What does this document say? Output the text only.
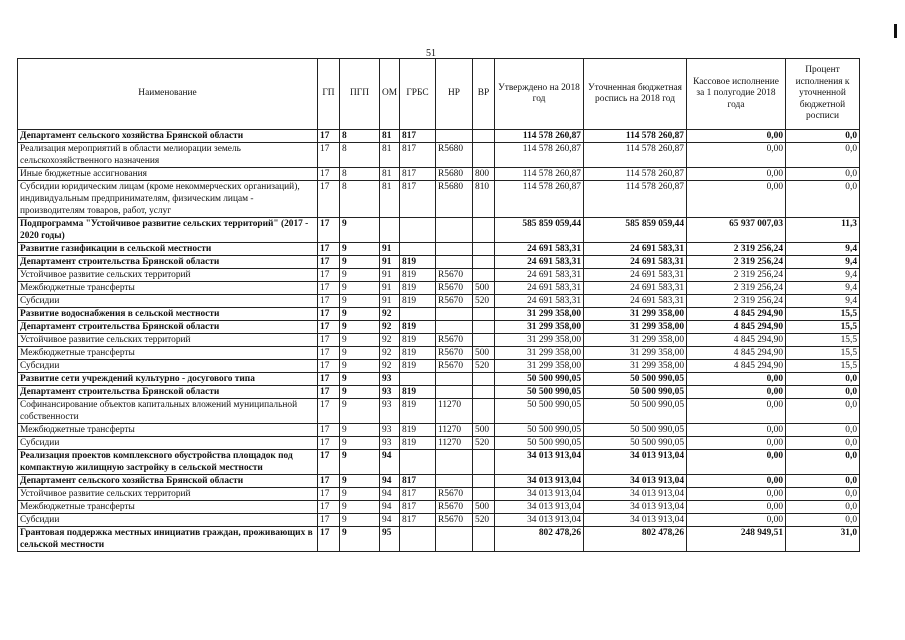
51
Наименование	ГП	ПГП	ОМ	ГРБС	НР	ВР	Утверждено на 2018 год	Уточненная бюджетная роспись на 2018 год	Кассовое исполнение за 1 полугодие 2018 года	Процент исполнения к уточненной бюджетной росписи
Департамент сельского хозяйства Брянской области	17	8	81	817			114 578 260,87	114 578 260,87	0,00	0,0
Реализация мероприятий в области мелиорации земель сельскохозяйственного назначения	17	8	81	817	R5680		114 578 260,87	114 578 260,87	0,00	0,0
Иные бюджетные ассигнования	17	8	81	817	R5680	800	114 578 260,87	114 578 260,87	0,00	0,0
Субсидии юридическим лицам (кроме некоммерческих организаций), индивидуальным предпринимателям, физическим лицам - производителям товаров, работ, услуг	17	8	81	817	R5680	810	114 578 260,87	114 578 260,87	0,00	0,0
Подпрограмма "Устойчивое развитие сельских территорий" (2017 - 2020 годы)	17	9					585 859 059,44	585 859 059,44	65 937 007,03	11,3
Развитие газификации в сельской местности	17	9	91				24 691 583,31	24 691 583,31	2 319 256,24	9,4
Департамент строительства Брянской области	17	9	91	819			24 691 583,31	24 691 583,31	2 319 256,24	9,4
Устойчивое развитие сельских территорий	17	9	91	819	R5670		24 691 583,31	24 691 583,31	2 319 256,24	9,4
Межбюджетные трансферты	17	9	91	819	R5670	500	24 691 583,31	24 691 583,31	2 319 256,24	9,4
Субсидии	17	9	91	819	R5670	520	24 691 583,31	24 691 583,31	2 319 256,24	9,4
Развитие водоснабжения в сельской местности	17	9	92				31 299 358,00	31 299 358,00	4 845 294,90	15,5
Департамент строительства Брянской области	17	9	92	819			31 299 358,00	31 299 358,00	4 845 294,90	15,5
Устойчивое развитие сельских территорий	17	9	92	819	R5670		31 299 358,00	31 299 358,00	4 845 294,90	15,5
Межбюджетные трансферты	17	9	92	819	R5670	500	31 299 358,00	31 299 358,00	4 845 294,90	15,5
Субсидии	17	9	92	819	R5670	520	31 299 358,00	31 299 358,00	4 845 294,90	15,5
Развитие сети учреждений культурно - досугового типа	17	9	93				50 500 990,05	50 500 990,05	0,00	0,0
Департамент строительства Брянской области	17	9	93	819			50 500 990,05	50 500 990,05	0,00	0,0
Софинансирование объектов капитальных вложений муниципальной собственности	17	9	93	819	11270		50 500 990,05	50 500 990,05	0,00	0,0
Межбюджетные трансферты	17	9	93	819	11270	500	50 500 990,05	50 500 990,05	0,00	0,0
Субсидии	17	9	93	819	11270	520	50 500 990,05	50 500 990,05	0,00	0,0
Реализация проектов комплексного обустройства площадок под компактную жилищную застройку в сельской местности	17	9	94				34 013 913,04	34 013 913,04	0,00	0,0
Департамент сельского хозяйства Брянской области	17	9	94	817			34 013 913,04	34 013 913,04	0,00	0,0
Устойчивое развитие сельских территорий	17	9	94	817	R5670		34 013 913,04	34 013 913,04	0,00	0,0
Межбюджетные трансферты	17	9	94	817	R5670	500	34 013 913,04	34 013 913,04	0,00	0,0
Субсидии	17	9	94	817	R5670	520	34 013 913,04	34 013 913,04	0,00	0,0
Грантовая поддержка местных инициатив граждан, проживающих в сельской местности	17	9	95				802 478,26	802 478,26	248 949,51	31,0
